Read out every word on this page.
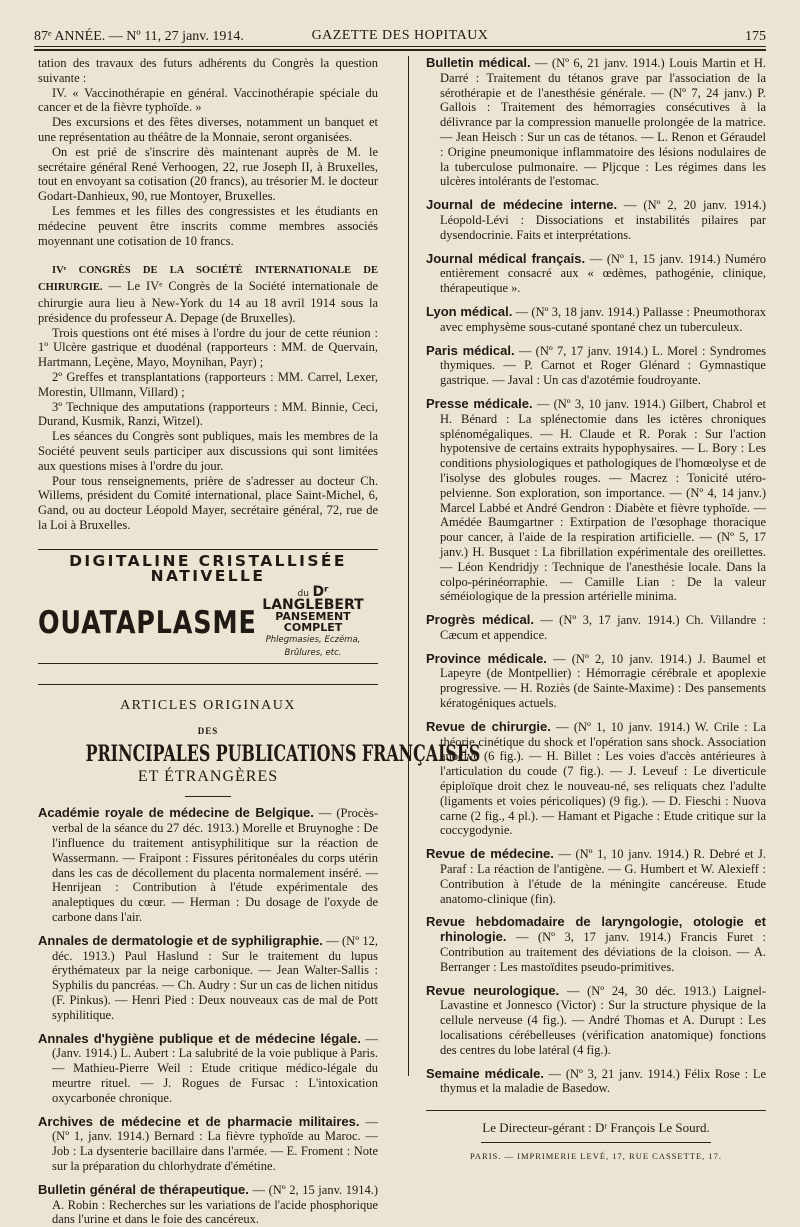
87ᵉ ANNÉE. — Nº 11, 27 janv. 1914.	GAZETTE DES HOPITAUX	175

tation des travaux des futurs adhérents du Congrès la question suivante :

IV. « Vaccinothérapie en général. Vaccinothérapie spéciale du cancer et de la fièvre typhoïde. »

Des excursions et des fêtes diverses, notamment un banquet et une représentation au théâtre de la Monnaie, seront organisées.

On est prié de s'inscrire dès maintenant auprès de M. le secrétaire général René Verhoogen, 22, rue Joseph II, à Bruxelles, tout en envoyant sa cotisation (20 francs), au trésorier M. le docteur Godart-Danhieux, 90, rue Montoyer, Bruxelles.

Les femmes et les filles des congressistes et les étudiants en médecine peuvent être inscrits comme membres associés moyennant une cotisation de 10 francs.

IVᵉ CONGRÈS DE LA SOCIÉTÉ INTERNATIONALE DE CHIRURGIE. — Le IVᵉ Congrès de la Société internationale de chirurgie aura lieu à New-York du 14 au 18 avril 1914 sous la présidence du professeur A. Depage (de Bruxelles).

Trois questions ont été mises à l'ordre du jour de cette réunion : 1º Ulcère gastrique et duodénal (rapporteurs : MM. de Quervain, Hartmann, Leçène, Mayo, Moynihan, Payr) ;

2º Greffes et transplantations (rapporteurs : MM. Carrel, Lexer, Morestin, Ullmann, Villard) ;

3º Technique des amputations (rapporteurs : MM. Binnie, Ceci, Durand, Kusmik, Ranzi, Witzel).

Les séances du Congrès sont publiques, mais les membres de la Société peuvent seuls participer aux discussions qui sont limitées aux questions mises à l'ordre du jour.

Pour tous renseignements, prière de s'adresser au docteur Ch. Willems, président du Comité international, place Saint-Michel, 6, Gand, ou au docteur Léopold Mayer, secrétaire général, 72, rue de la Loi à Bruxelles.

DIGITALINE CRISTALLISÉE NATIVELLE
OUATAPLASME
du Dʳ LANGLEBERT
PANSEMENT COMPLET
Phlegmasies, Eczéma, Brûlures, etc.
ARTICLES ORIGINAUX
DES
PRINCIPALES PUBLICATIONS FRANÇAISES
ET ÉTRANGÈRES

Académie royale de médecine de Belgique. — (Procès-verbal de la séance du 27 déc. 1913.) Morelle et Bruynoghe : De l'influence du traitement antisyphilitique sur la réaction de Wassermann. — Fraipont : Fissures péritonéales du corps utérin dans les cas de décollement du placenta normalement inséré. — Henrijean : Contribution à l'étude expérimentale des analeptiques du cœur. — Herman : Du dosage de l'oxyde de carbone dans l'air.

Annales de dermatologie et de syphiligraphie. — (Nº 12, déc. 1913.) Paul Haslund : Sur le traitement du lupus érythémateux par la neige carbonique. — Jean Walter-Sallis : Syphilis du pancréas. — Ch. Audry : Sur un cas de lichen nitidus (F. Pinkus). — Henri Pied : Deux nouveaux cas de mal de Pott syphilitique.

Annales d'hygiène publique et de médecine légale. — (Janv. 1914.) L. Aubert : La salubrité de la voie publique à Paris. — Mathieu-Pierre Weil : Etude critique médico-légale du meurtre rituel. — J. Rogues de Fursac : L'intoxication oxycarbonée chronique.

Archives de médecine et de pharmacie militaires. — (Nº 1, janv. 1914.) Bernard : La fièvre typhoïde au Maroc. — Job : La dysenterie bacillaire dans l'armée. — E. Froment : Note sur la préparation du chlorhydrate d'émétine.

Bulletin général de thérapeutique. — (Nº 2, 15 janv. 1914.) A. Robin : Recherches sur les variations de l'acide phosphorique dans l'urine et dans le foie des cancéreux.

Bulletin médical. — (Nº 6, 21 janv. 1914.) Louis Martin et H. Darré : Traitement du tétanos grave par l'association de la sérothérapie et de l'anesthésie générale. — (Nº 7, 24 janv.) P. Gallois : Traitement des hémorragies consécutives à la délivrance par la compression manuelle prolongée de la matrice. — Jean Heisch : Sur un cas de tétanos. — L. Renon et Géraudel : Origine pneumonique inflammatoire des lésions nodulaires de la tuberculose pulmonaire. — Pljcque : Les régimes dans les ulcères intolérants de l'estomac.

Journal de médecine interne. — (Nº 2, 20 janv. 1914.) Léopold-Lévi : Dissociations et instabilités pilaires par dysendocrinie. Faits et interprétations.

Journal médical français. — (Nº 1, 15 janv. 1914.) Numéro entièrement consacré aux « œdèmes, pathogénie, clinique, thérapeutique ».

Lyon médical. — (Nº 3, 18 janv. 1914.) Pallasse : Pneumothorax avec emphysème sous-cutané spontané chez un tuberculeux.

Paris médical. — (Nº 7, 17 janv. 1914.) L. Morel : Syndromes thymiques. — P. Carnot et Roger Glénard : Gymnastique gastrique. — Javal : Un cas d'azotémie foudroyante.

Presse médicale. — (Nº 3, 10 janv. 1914.) Gilbert, Chabrol et H. Bénard : La splénectomie dans les ictères chroniques splénomégaliques. — H. Claude et R. Porak : Sur l'action hypotensive de certains extraits hypophysaires. — L. Bory : Les conditions physiologiques et pathologiques de l'homœolyse et de l'isolyse des globules rouges. — Macrez : Tonicité utéro-pelvienne. Son exploration, son importance. — (Nº 4, 14 janv.) Marcel Labbé et André Gendron : Diabète et fièvre typhoïde. — Amédée Baumgartner : Extirpation de l'œsophage thoracique pour cancer, à l'aide de la respiration artificielle. — (Nº 5, 17 janv.) H. Busquet : La fibrillation expérimentale des oreillettes. — Léon Kendridjy : Technique de l'anesthésie locale. Dans la colpo-périnéorraphie. — Camille Lian : De la valeur séméiologique de la pression artérielle minima.

Progrès médical. — (Nº 3, 17 janv. 1914.) Ch. Villandre : Cæcum et appendice.

Province médicale. — (Nº 2, 10 janv. 1914.) J. Baumel et Lapeyre (de Montpellier) : Hémorragie cérébrale et apoplexie progressive. — H. Roziès (de Sainte-Maxime) : Des pansements kératogéniques actuels.

Revue de chirurgie. — (Nº 1, 10 janv. 1914.) W. Crile : La théorie cinétique du shock et l'opération sans shock. Association anocive (6 fig.). — H. Billet : Les voies d'accès antérieures à l'articulation du coude (7 fig.). — J. Leveuf : Le diverticule épiploïque droit chez le nouveau-né, ses reliquats chez l'adulte (ligaments et voies péricoliques) (9 fig.). — D. Fieschi : Nuova carne (2 fig., 4 pl.). — Hamant et Pigache : Etude critique sur la coccygodynie.

Revue de médecine. — (Nº 1, 10 janv. 1914.) R. Debré et J. Paraf : La réaction de l'antigène. — G. Humbert et W. Alexieff : Contribution à l'étude de la méningite cancéreuse. Etude anatomo-clinique (fin).

Revue hebdomadaire de laryngologie, otologie et rhinologie. — (Nº 3, 17 janv. 1914.) Francis Furet : Contribution au traitement des déviations de la cloison. — A. Berranger : Les mastoïdites pseudo-primitives.

Revue neurologique. — (Nº 24, 30 déc. 1913.) Laignel-Lavastine et Jonnesco (Victor) : Sur la structure physique de la cellule nerveuse (4 fig.). — André Thomas et A. Durupt : Les localisations cérébelleuses (vérification anatomique) fonctions des centres du lobe latéral (4 fig.).

Semaine médicale. — (Nº 3, 21 janv. 1914.) Félix Rose : Le thymus et la maladie de Basedow.

Le Directeur-gérant : Dʳ François Le Sourd.
PARIS. — IMPRIMERIE LEVÉ, 17, RUE CASSETTE, 17.
